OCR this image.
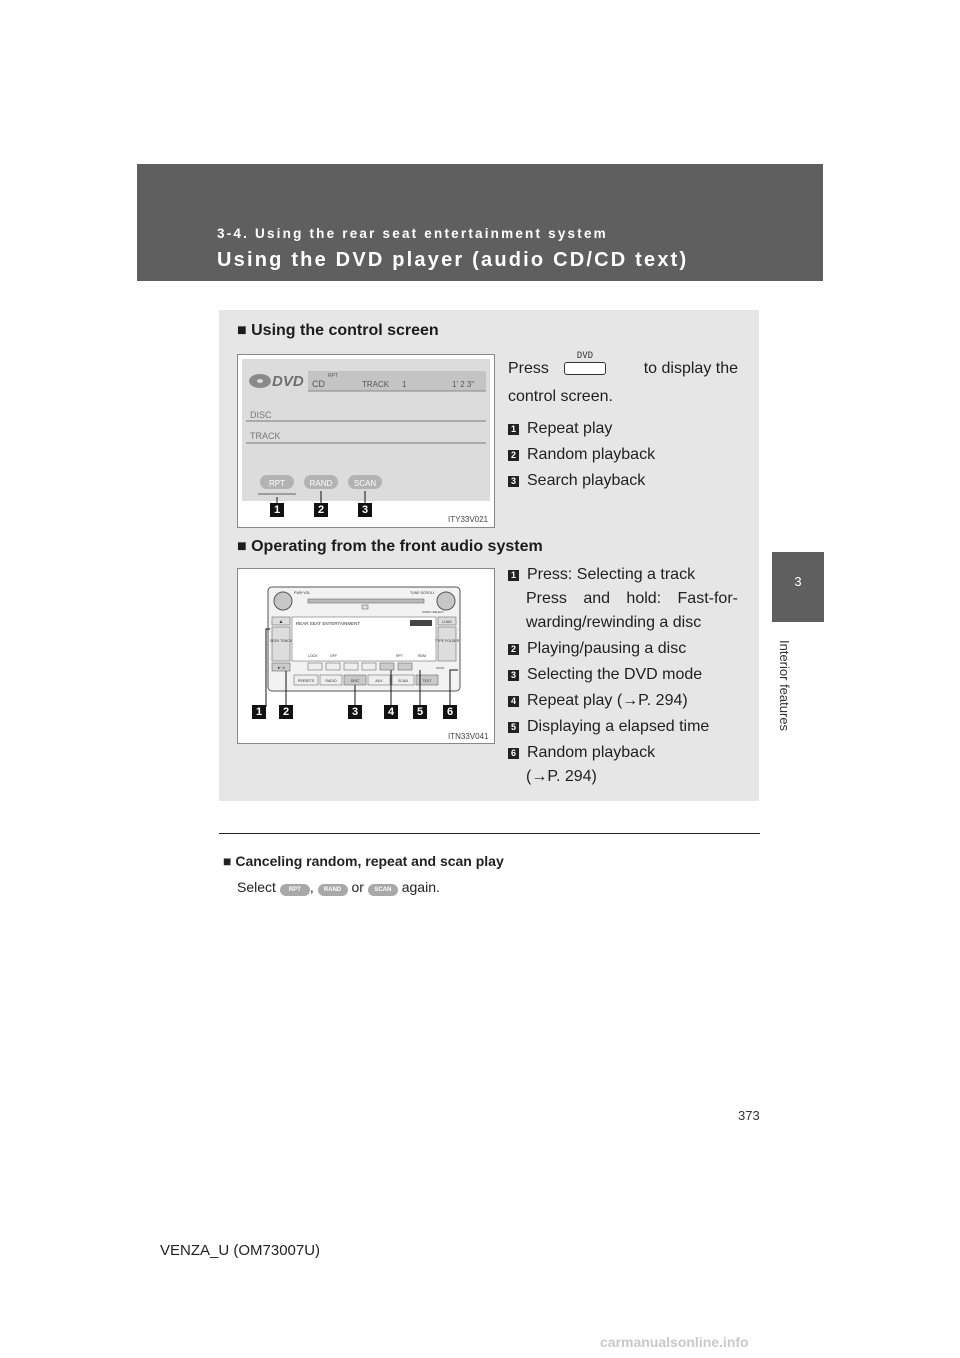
3-4. Using the rear seat entertainment system
Using the DVD player (audio CD/CD text)
3
Interior features
■ Using the control screen
DVD CD
RPT
TRACK 1	1' 2 3"
DISC
TRACK
RPT	RAND	SCAN
1	2	3
ITY33V021
Press
DVD
to display the
control screen.
1 Repeat play
2 Random playback
3 Search playback
■ Operating from the front audio system
PWR·VOL	TUNE·SCROLL
AUDIO SELECT
▲	REAR SEAT ENTERTAINMENT	LOAD
SEEK TRACK	TYPE FOLDER
LOCK	OFF	RPT	RDM
►·II	SCAN
PRESETS	RADIO	DISC	AUX	SCAN	TEXT
1	2	3	4	5	6
ITN33V041
1 Press: Selecting a track
Press and hold: Fast-for-
warding/rewinding a disc
2 Playing/pausing a disc
3 Selecting the DVD mode
4 Repeat play (→P. 294)
5 Displaying a elapsed time
6 Random playback
(→P. 294)
■ Canceling random, repeat and scan play
Select RPT , RAND or SCAN again.
373
VENZA_U (OM73007U)
carmanualsonline.info
